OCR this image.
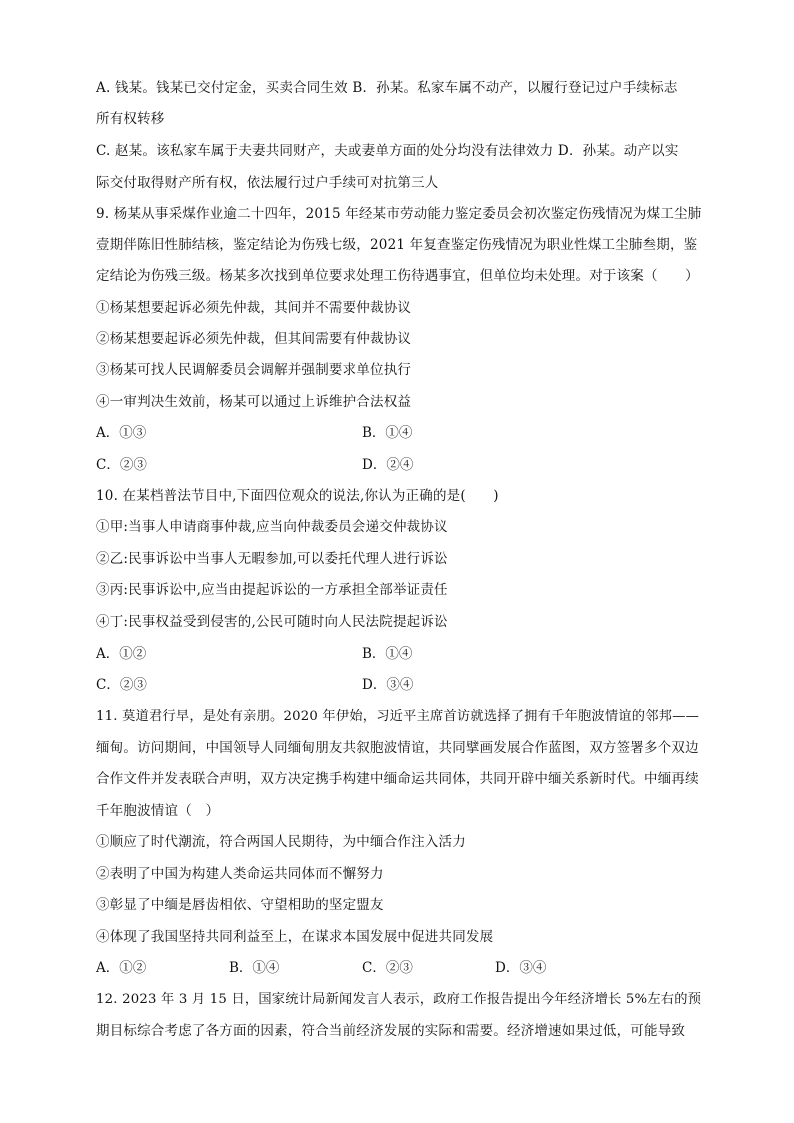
A. 钱某。钱某已交付定金，买卖合同生效 B．孙某。私家车属不动产，以履行登记过户手续标志
所有权转移
C. 赵某。该私家车属于夫妻共同财产，夫或妻单方面的处分均没有法律效力 D．孙某。动产以实
际交付取得财产所有权，依法履行过户手续可对抗第三人
9. 杨某从事采煤作业逾二十四年，2015 年经某市劳动能力鉴定委员会初次鉴定伤残情况为煤工尘肺
壹期伴陈旧性肺结核，鉴定结论为伤残七级，2021 年复查鉴定伤残情况为职业性煤工尘肺叁期，鉴
定结论为伤残三级。杨某多次找到单位要求处理工伤待遇事宜，但单位均未处理。对于该案（　　）
①杨某想要起诉必须先仲裁，其间并不需要仲裁协议
②杨某想要起诉必须先仲裁，但其间需要有仲裁协议
③杨某可找人民调解委员会调解并强制要求单位执行
④一审判决生效前，杨某可以通过上诉维护合法权益
A．①③	B．①④
C．②③	D．②④
10. 在某档普法节目中,下面四位观众的说法,你认为正确的是(　　)
①甲:当事人申请商事仲裁,应当向仲裁委员会递交仲裁协议
②乙:民事诉讼中当事人无暇参加,可以委托代理人进行诉讼
③丙:民事诉讼中,应当由提起诉讼的一方承担全部举证责任
④丁:民事权益受到侵害的,公民可随时向人民法院提起诉讼
A．①②	B．①④
C．②③	D．③④
11. 莫道君行早，是处有亲朋。2020 年伊始，习近平主席首访就选择了拥有千年胞波情谊的邻邦——
缅甸。访问期间，中国领导人同缅甸朋友共叙胞波情谊，共同擘画发展合作蓝图，双方签署多个双边
合作文件并发表联合声明，双方决定携手构建中缅命运共同体，共同开辟中缅关系新时代。中缅再续
千年胞波情谊（　）
①顺应了时代潮流，符合两国人民期待，为中缅合作注入活力
②表明了中国为构建人类命运共同体而不懈努力
③彰显了中缅是唇齿相依、守望相助的坚定盟友
④体现了我国坚持共同利益至上，在谋求本国发展中促进共同发展
A．①②	B．①④	C．②③	D．③④
12. 2023 年 3 月 15 日，国家统计局新闻发言人表示，政府工作报告提出今年经济增长 5%左右的预
期目标综合考虑了各方面的因素，符合当前经济发展的实际和需要。经济增速如果过低，可能导致
